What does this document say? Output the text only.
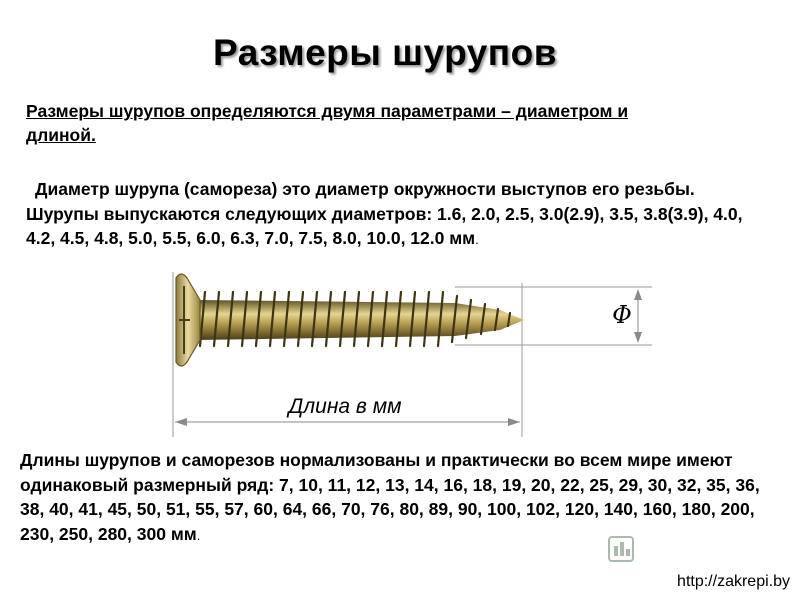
Размеры шурупов
Размеры шурупов определяются двумя параметрами – диаметром и длиной.
Диаметр шурупа (самореза) это диаметр окружности выступов его резьбы. Шурупы выпускаются следующих диаметров: 1.6, 2.0, 2.5, 3.0(2.9), 3.5, 3.8(3.9), 4.0, 4.2, 4.5, 4.8, 5.0, 5.5, 6.0, 6.3, 7.0, 7.5, 8.0, 10.0, 12.0 мм.
Длина в мм
Φ
Длины шурупов и саморезов нормализованы и практически во всем мире имеют одинаковый размерный ряд: 7, 10, 11, 12, 13, 14, 16, 18, 19, 20, 22, 25, 29, 30, 32, 35, 36, 38, 40, 41, 45, 50, 51, 55, 57, 60, 64, 66, 70, 76, 80, 89, 90, 100, 102, 120, 140, 160, 180, 200, 230, 250, 280, 300 мм.
http://zakrepi.by
